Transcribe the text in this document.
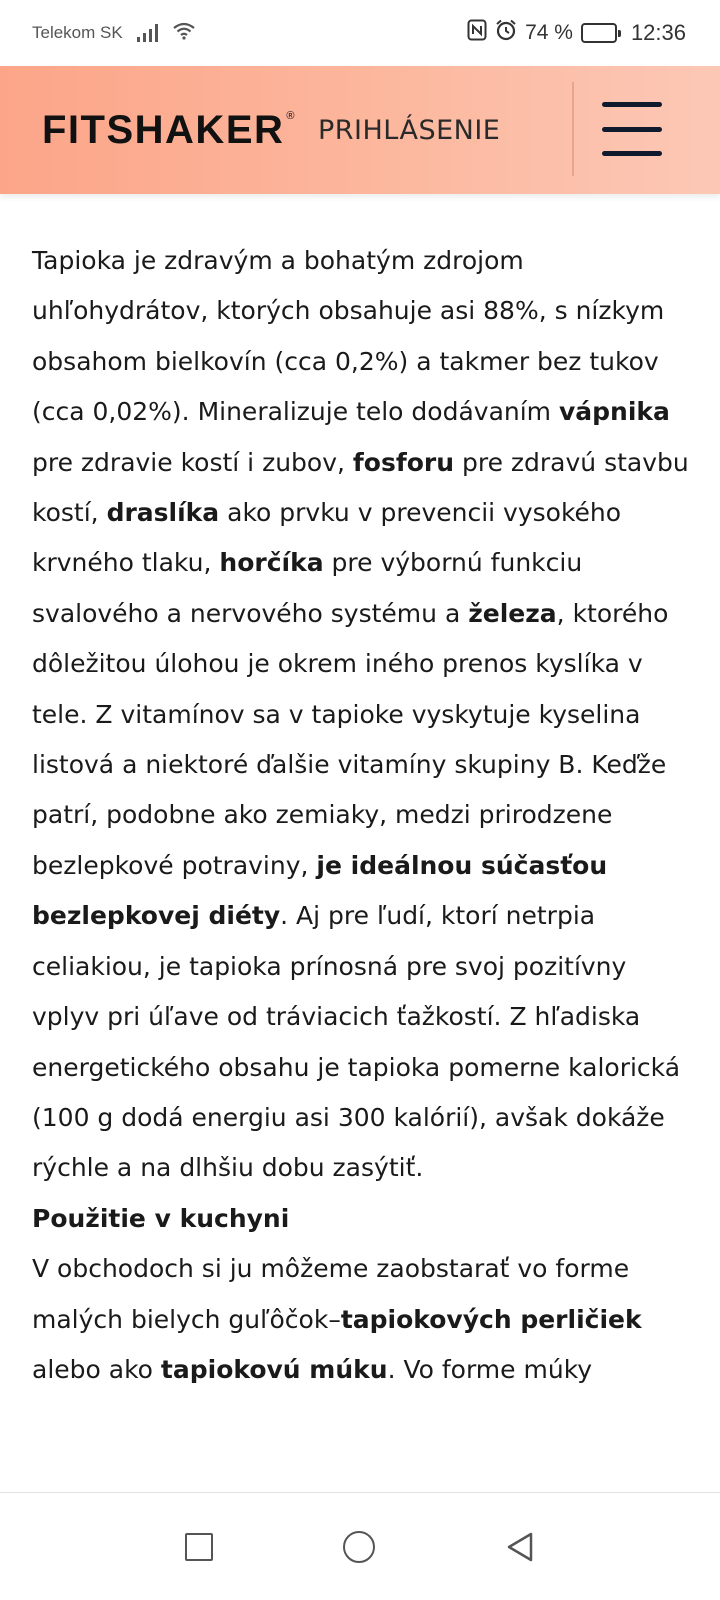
Telekom SK	74 %	12:36
FITSHAKER® PRIHLÁSENIE

Tapioka je zdravým a bohatým zdrojom uhľohydrátov, ktorých obsahuje asi 88%, s nízkym obsahom bielkovín (cca 0,2%) a takmer bez tukov (cca 0,02%). Mineralizuje telo dodávaním vápnika pre zdravie kostí i zubov, fosforu pre zdravú stavbu kostí, draslíka ako prvku v prevencii vysokého krvného tlaku, horčíka pre výbornú funkciu svalového a nervového systému a železa, ktorého dôležitou úlohou je okrem iného prenos kyslíka v tele. Z vitamínov sa v tapioke vyskytuje kyselina listová a niektoré ďalšie vitamíny skupiny B. Keďže patrí, podobne ako zemiaky, medzi prirodzene bezlepkové potraviny, je ideálnou súčasťou bezlepkovej diéty. Aj pre ľudí, ktorí netrpia celiakiou, je tapioka prínosná pre svoj pozitívny vplyv pri úľave od tráviacich ťažkostí. Z hľadiska energetického obsahu je tapioka pomerne kalorická (100 g dodá energiu asi 300 kalórií), avšak dokáže rýchle a na dlhšiu dobu zasýtiť.

Použitie v kuchyni

V obchodoch si ju môžeme zaobstarať vo forme malých bielych guľôčok–tapiokových perličiek alebo ako tapiokovú múku. Vo forme múky
